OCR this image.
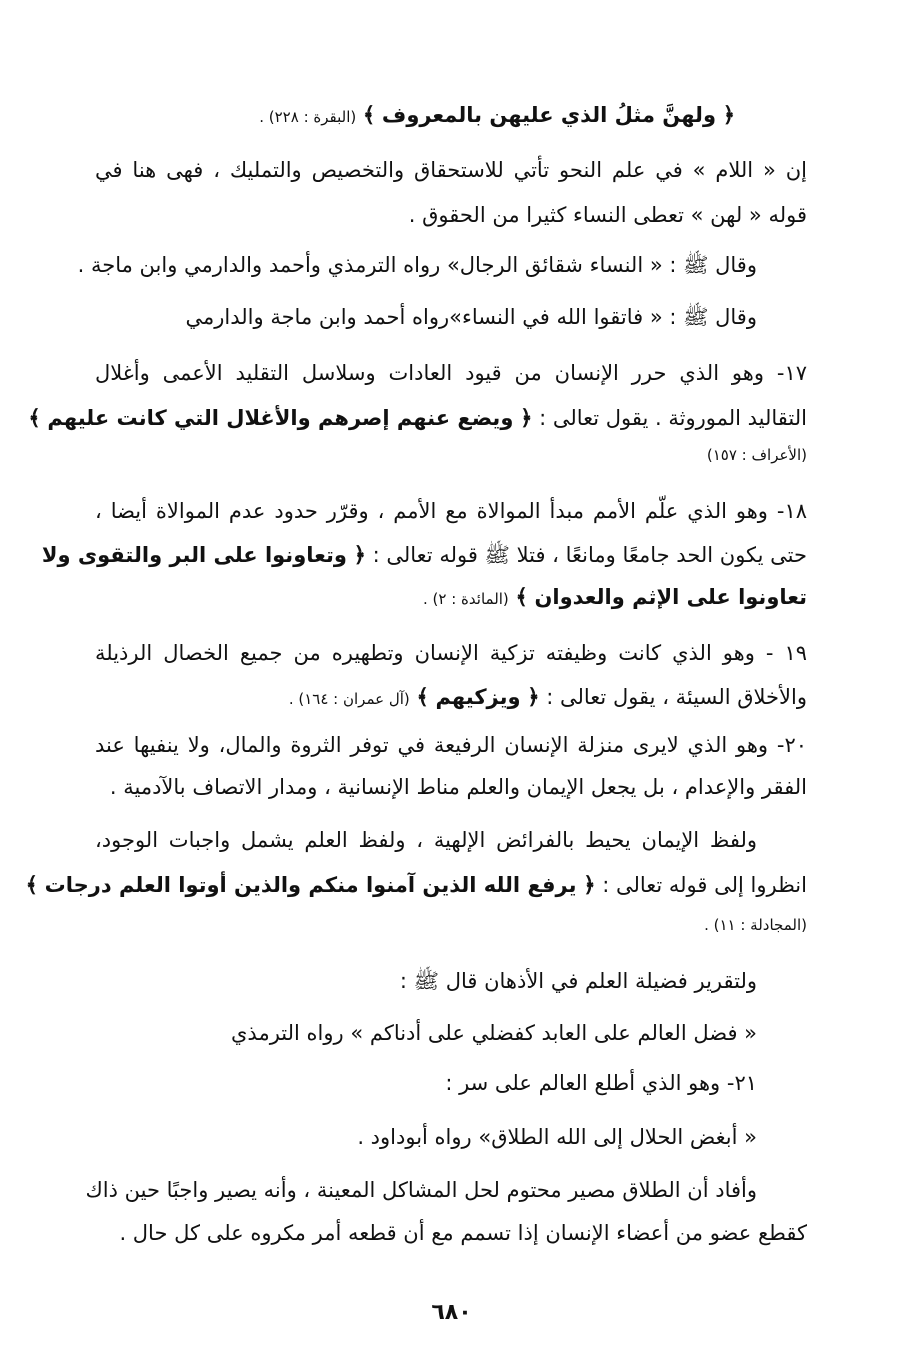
﴿ ولهنَّ مثلُ الذي عليهن بالمعروف ﴾ (البقرة : ٢٢٨) .
إن « اللام » في علم النحو تأتي للاستحقاق والتخصيص والتمليك ، فهى هنا في
قوله « لهن » تعطى النساء كثيرا من الحقوق .
وقال ﷺ : « النساء شقائق الرجال» رواه الترمذي وأحمد والدارمي وابن ماجة .
وقال ﷺ : « فاتقوا الله في النساء»رواه أحمد وابن ماجة والدارمي
١٧- وهو الذي حرر الإنسان من قيود العادات وسلاسل التقليد الأعمى وأغلال
التقاليد الموروثة . يقول تعالى : ﴿ ويضع عنهم إصرهم والأغلال التي كانت عليهم ﴾
(الأعراف : ١٥٧)
١٨- وهو الذي علّم الأمم مبدأ الموالاة مع الأمم ، وقرّر حدود عدم الموالاة أيضا ،
حتى يكون الحد جامعًا ومانعًا ، فتلا ﷺ قوله تعالى : ﴿ وتعاونوا على البر والتقوى ولا
تعاونوا على الإثم والعدوان ﴾ (المائدة : ٢) .
١٩ - وهو الذي كانت وظيفته تزكية الإنسان وتطهيره من جميع الخصال الرذيلة
والأخلاق السيئة ، يقول تعالى : ﴿ ويزكيهم ﴾ (آل عمران : ١٦٤) .
٢٠- وهو الذي لايرى منزلة الإنسان الرفيعة في توفر الثروة والمال، ولا ينفيها عند
الفقر والإعدام ، بل يجعل الإيمان والعلم مناط الإنسانية ، ومدار الاتصاف بالآدمية .
ولفظ الإيمان يحيط بالفرائض الإلهية ، ولفظ العلم يشمل واجبات الوجود،
انظروا إلى قوله تعالى : ﴿ يرفع الله الذين آمنوا منكم والذين أوتوا العلم درجات ﴾
(المجادلة : ١١) .
ولتقرير فضيلة العلم في الأذهان قال ﷺ :
« فضل العالم على العابد كفضلي على أدناكم » رواه الترمذي
٢١- وهو الذي أطلع العالم على سر :
« أبغض الحلال إلى الله الطلاق» رواه أبوداود .
وأفاد أن الطلاق مصير محتوم لحل المشاكل المعينة ، وأنه يصير واجبًا حين ذاك
كقطع عضو من أعضاء الإنسان إذا تسمم مع أن قطعه أمر مكروه على كل حال .
٦٨٠
